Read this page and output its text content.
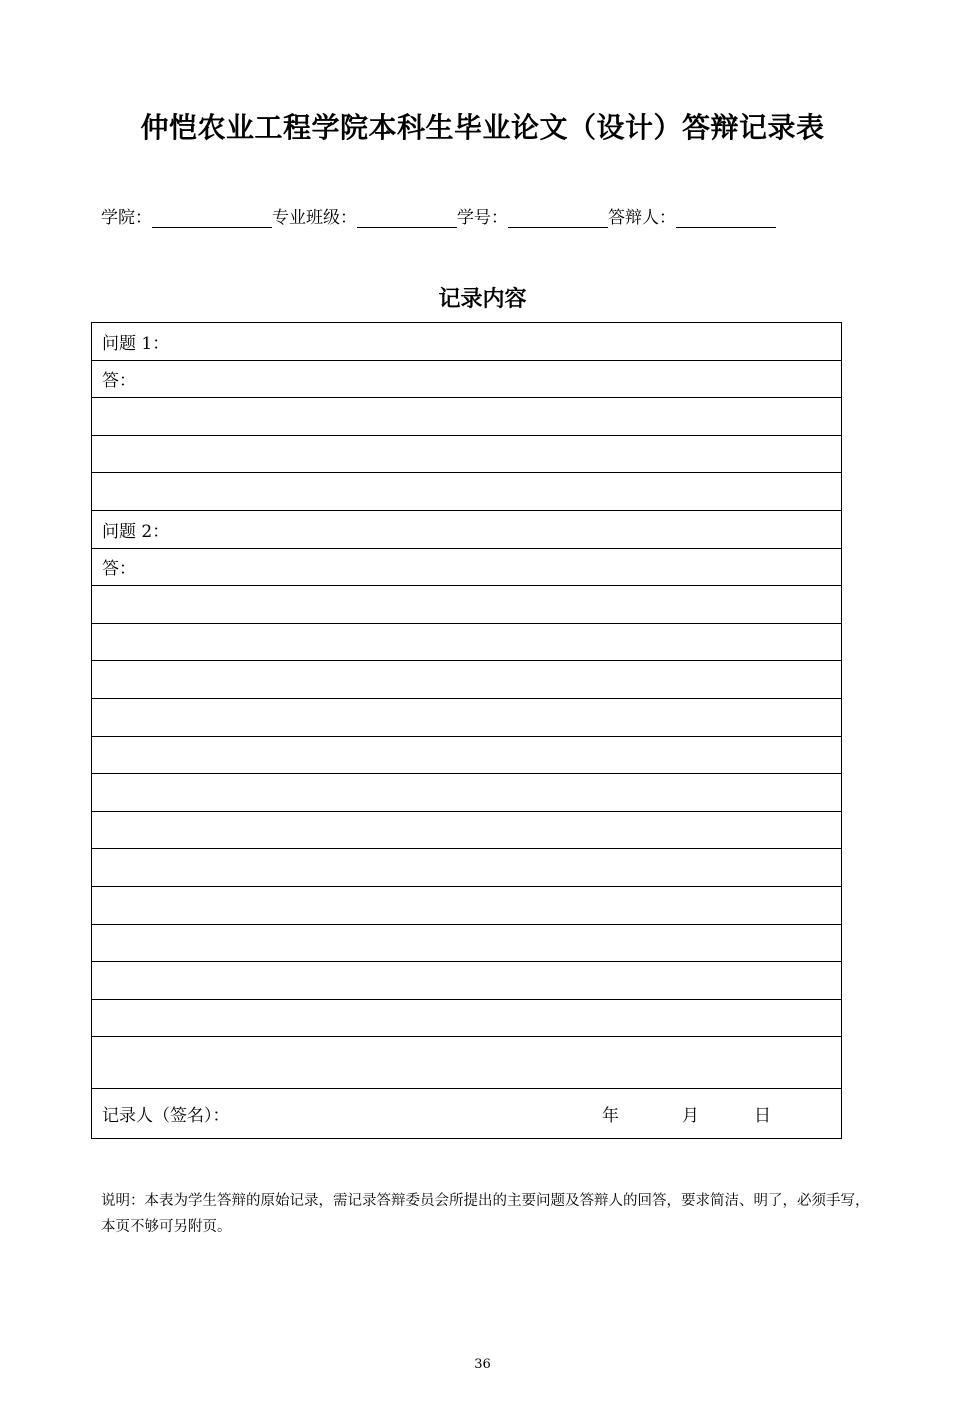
仲恺农业工程学院本科生毕业论文（设计）答辩记录表
学院：	专业班级：	学号：	答辩人：
记录内容
问题 1：
答：

问题 2：
答：

记录人（签名）：	年	月	日
说明：本表为学生答辩的原始记录，需记录答辩委员会所提出的主要问题及答辩人的回答，要求简洁、明了，必须手写，本页不够可另附页。
36
